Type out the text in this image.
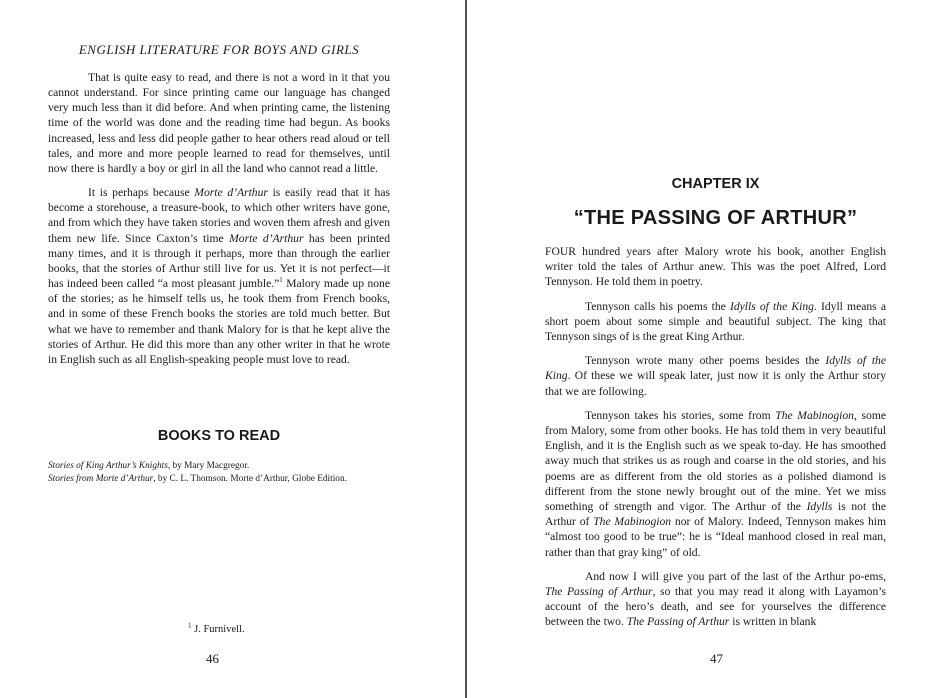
ENGLISH LITERATURE FOR BOYS AND GIRLS

That is quite easy to read, and there is not a word in it that you cannot understand. For since printing came our language has changed very much less than it did before. And when printing came, the listening time of the world was done and the reading time had begun. As books increased, less and less did people gather to hear others read aloud or tell tales, and more and more people learned to read for themselves, until now there is hardly a boy or girl in all the land who cannot read a little.

It is perhaps because Morte d’Arthur is easily read that it has become a storehouse, a treasure-book, to which other writers have gone, and from which they have taken stories and woven them afresh and given them new life. Since Caxton’s time Morte d’Arthur has been printed many times, and it is through it perhaps, more than through the earlier books, that the stories of Arthur still live for us. Yet it is not perfect—it has indeed been called “a most pleasant jumble.”$^1$ Malory made up none of the stories; as he himself tells us, he took them from French books, and in some of these French books the stories are told much better. But what we have to remember and thank Malory for is that he kept alive the stories of Arthur. He did this more than any other writer in that he wrote in English such as all English-speaking people must love to read.

BOOKS TO READ
Stories of King Arthur’s Knights, by Mary Macgregor.
Stories from Morte d’Arthur, by C. L. Thomson. Morte d’Arthur, Globe Edition.
$^1$ J. Furnivell.
46
CHAPTER IX
“THE PASSING OF ARTHUR”

FOUR hundred years after Malory wrote his book, another English writer told the tales of Arthur anew. This was the poet Alfred, Lord Tennyson. He told them in poetry.

Tennyson calls his poems the Idylls of the King. Idyll means a short poem about some simple and beautiful subject. The king that Tennyson sings of is the great King Arthur.

Tennyson wrote many other poems besides the Idylls of the King. Of these we will speak later, just now it is only the Arthur story that we are following.

Tennyson takes his stories, some from The Mabinogion, some from Malory, some from other books. He has told them in very beautiful English, and it is the English such as we speak to-day. He has smoothed away much that strikes us as rough and coarse in the old stories, and his poems are as different from the old stories as a polished diamond is different from the stone newly brought out of the mine. Yet we miss something of strength and vigor. The Arthur of the Idylls is not the Arthur of The Mabinogion nor of Malory. Indeed, Tennyson makes him “almost too good to be true”: he is “Ideal manhood closed in real man, rather than that gray king” of old.

And now I will give you part of the last of the Arthur po-ems, The Passing of Arthur, so that you may read it along with Layamon’s account of the hero’s death, and see for yourselves the difference between the two. The Passing of Arthur is written in blank

47
